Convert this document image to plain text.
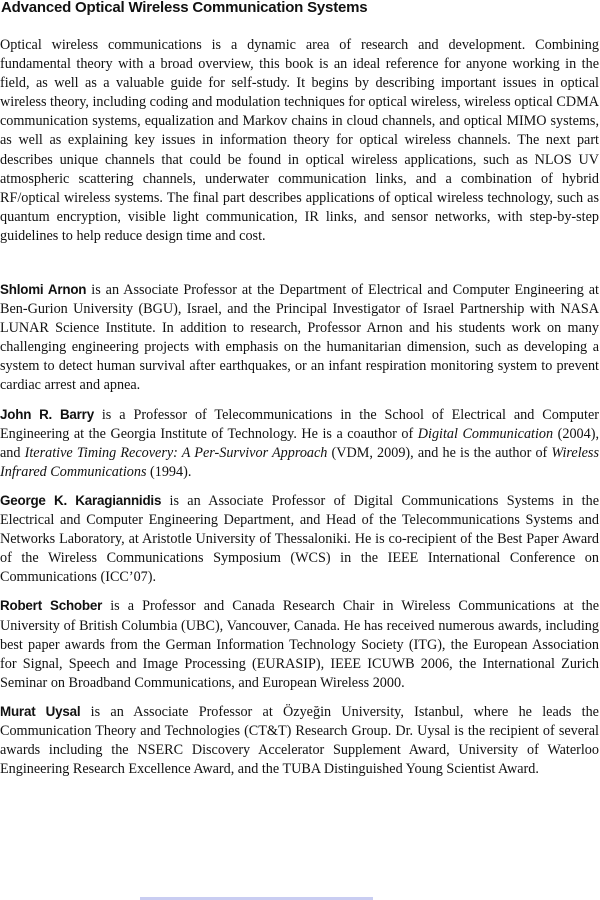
Advanced Optical Wireless Communication Systems

Optical wireless communications is a dynamic area of research and development. Combining fundamental theory with a broad overview, this book is an ideal reference for anyone working in the field, as well as a valuable guide for self-study. It begins by describing important issues in optical wireless theory, including coding and modulation techniques for optical wireless, wireless optical CDMA communication systems, equalization and Markov chains in cloud channels, and optical MIMO systems, as well as explaining key issues in information theory for optical wireless channels. The next part describes unique channels that could be found in optical wireless applications, such as NLOS UV atmospheric scattering channels, underwater communication links, and a combination of hybrid RF/optical wireless systems. The final part describes applications of optical wireless technology, such as quantum encryption, visible light communication, IR links, and sensor networks, with step-by-step guidelines to help reduce design time and cost.

Shlomi Arnon is an Associate Professor at the Department of Electrical and Computer Engineering at Ben-Gurion University (BGU), Israel, and the Principal Investigator of Israel Partnership with NASA LUNAR Science Institute. In addition to research, Professor Arnon and his students work on many challenging engineering projects with emphasis on the humanitarian dimension, such as developing a system to detect human survival after earthquakes, or an infant respiration monitoring system to prevent cardiac arrest and apnea.

John R. Barry is a Professor of Telecommunications in the School of Electrical and Computer Engineering at the Georgia Institute of Technology. He is a coauthor of Digital Communication (2004), and Iterative Timing Recovery: A Per-Survivor Approach (VDM, 2009), and he is the author of Wireless Infrared Communications (1994).

George K. Karagiannidis is an Associate Professor of Digital Communications Systems in the Electrical and Computer Engineering Department, and Head of the Telecommunications Systems and Networks Laboratory, at Aristotle University of Thessaloniki. He is co-recipient of the Best Paper Award of the Wireless Communications Symposium (WCS) in the IEEE International Conference on Communications (ICC’07).

Robert Schober is a Professor and Canada Research Chair in Wireless Communications at the University of British Columbia (UBC), Vancouver, Canada. He has received numerous awards, including best paper awards from the German Information Technology Society (ITG), the European Association for Signal, Speech and Image Processing (EURASIP), IEEE ICUWB 2006, the International Zurich Seminar on Broadband Communications, and European Wireless 2000.

Murat Uysal is an Associate Professor at Özyeğin University, Istanbul, where he leads the Communication Theory and Technologies (CT&T) Research Group. Dr. Uysal is the recipient of several awards including the NSERC Discovery Accelerator Supplement Award, University of Waterloo Engineering Research Excellence Award, and the TUBA Distinguished Young Scientist Award.
